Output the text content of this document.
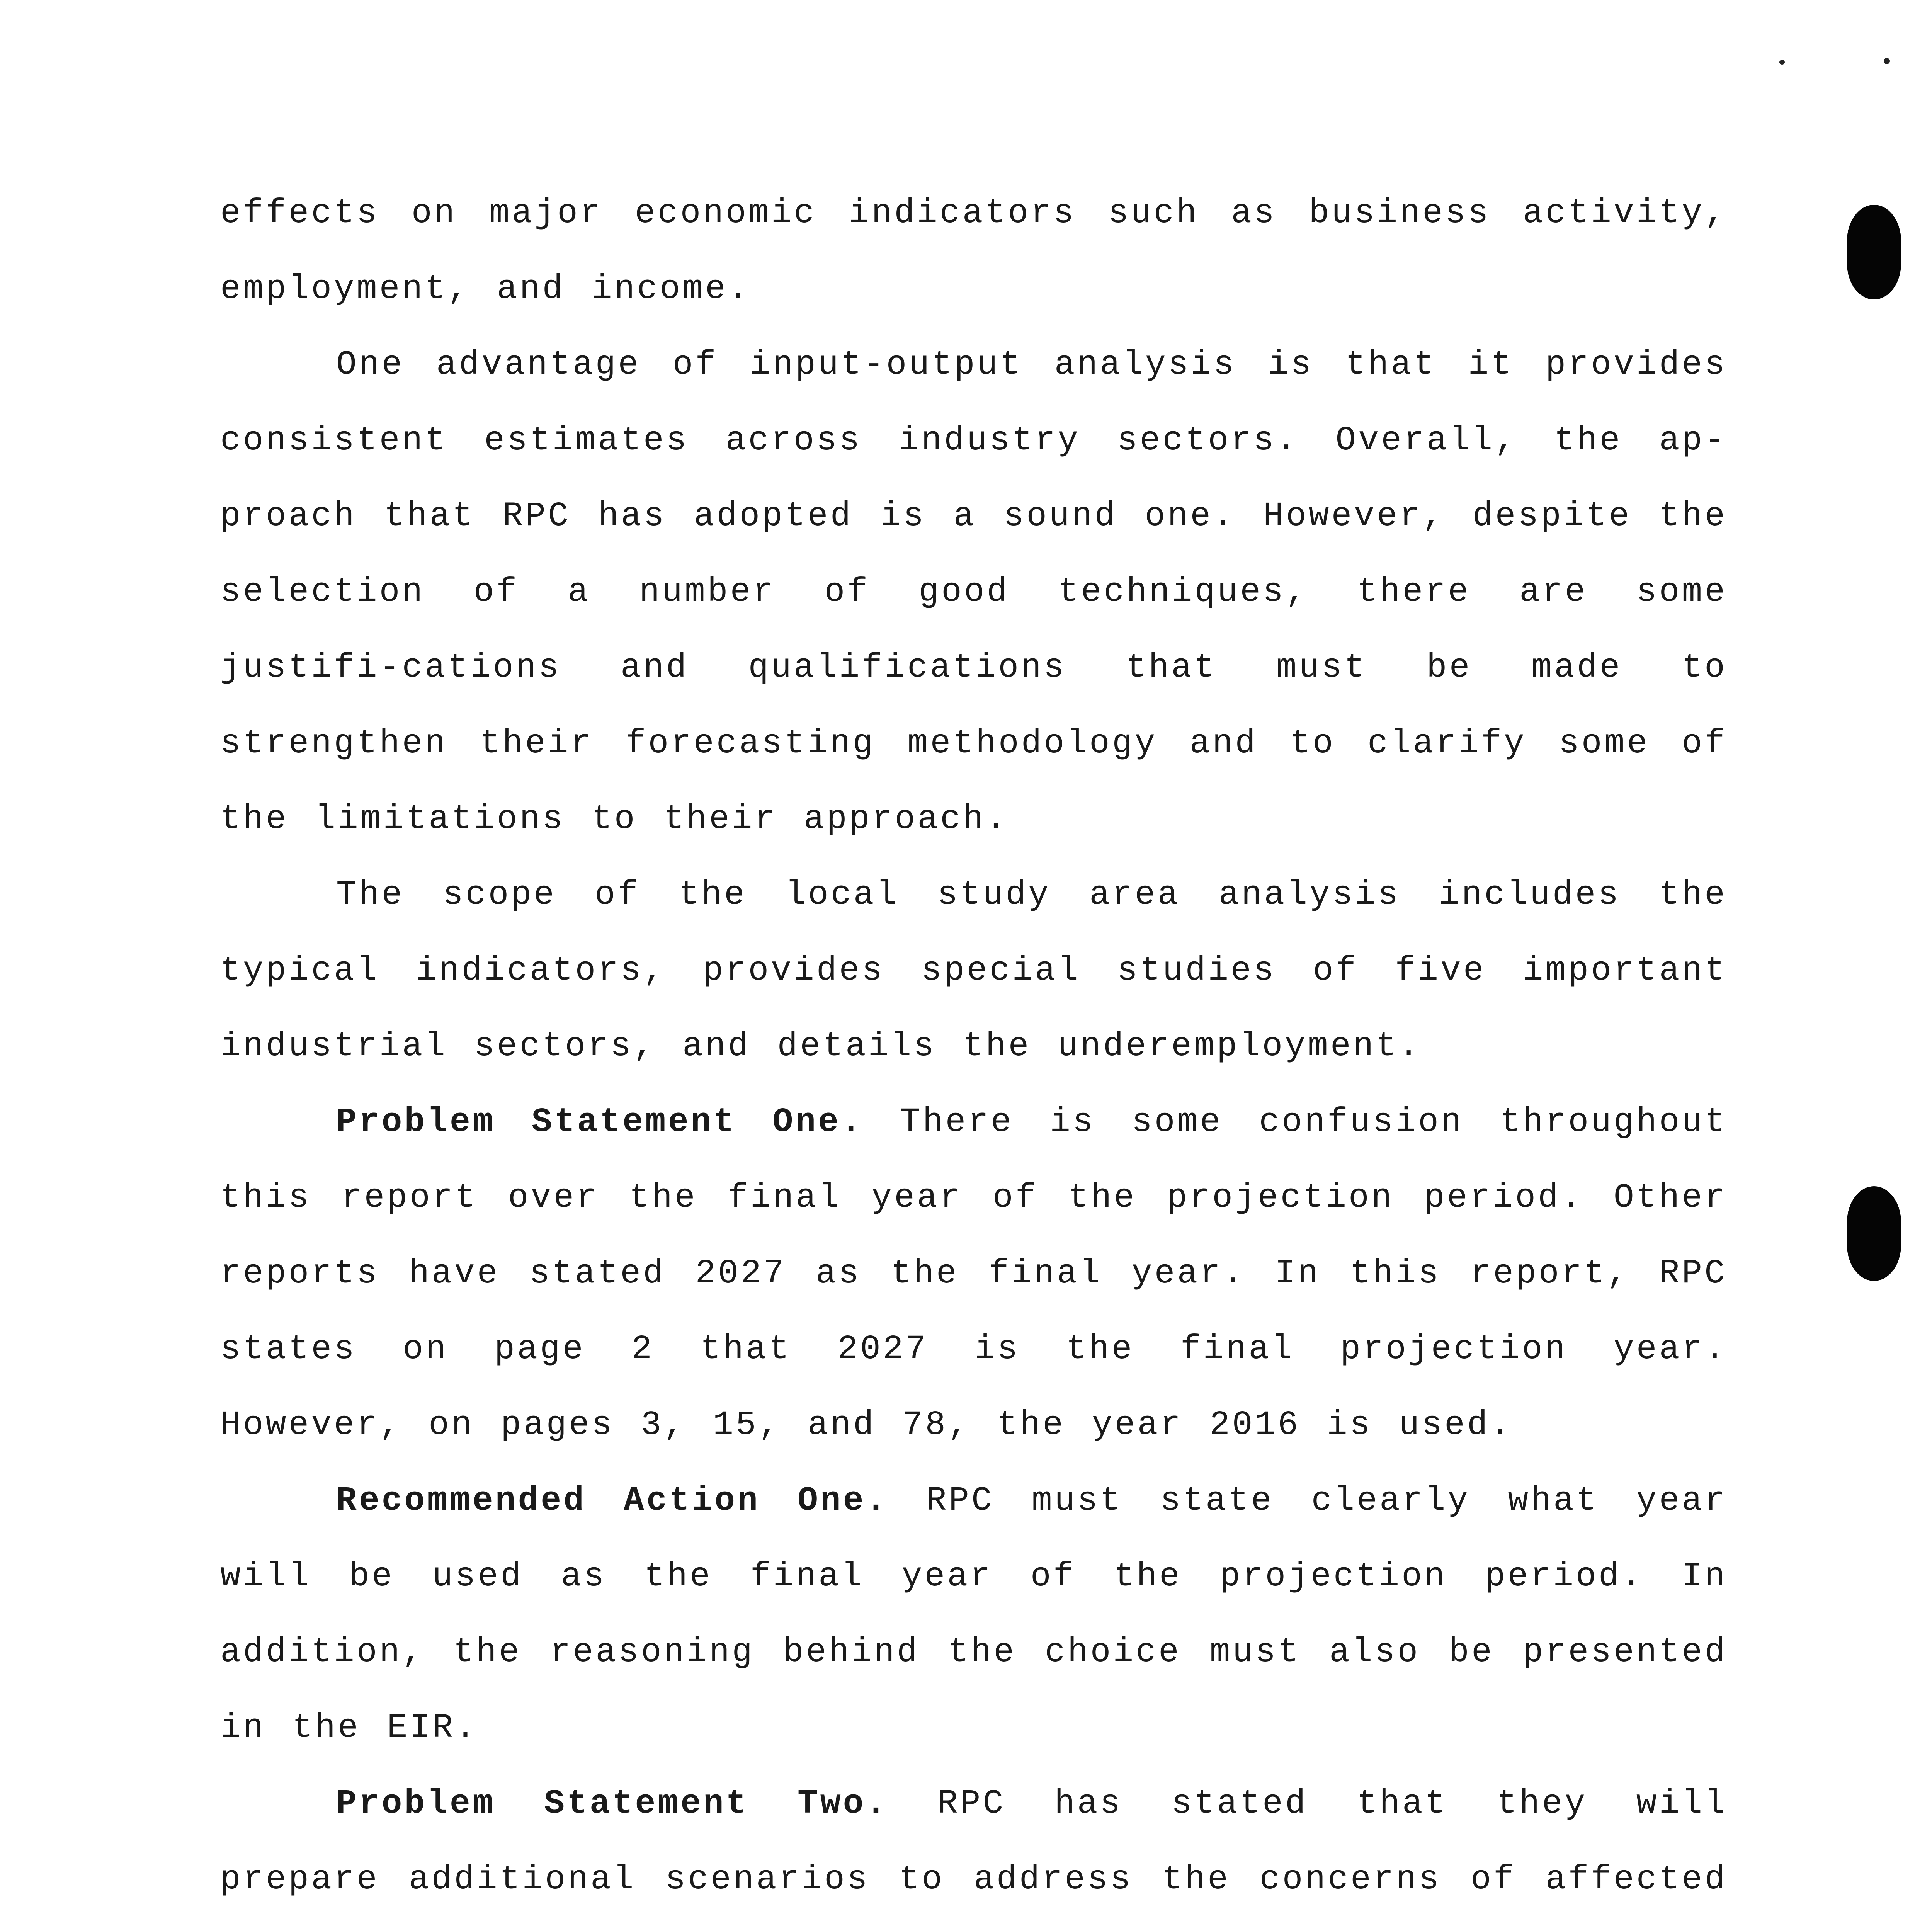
effects on major economic indicators such as business activity, employment, and income.

One advantage of input-output analysis is that it provides consistent estimates across industry sectors. Overall, the ap-proach that RPC has adopted is a sound one. However, despite the selection of a number of good techniques, there are some justifi-cations and qualifications that must be made to strengthen their forecasting methodology and to clarify some of the limitations to their approach.

The scope of the local study area analysis includes the typical indicators, provides special studies of five important industrial sectors, and details the underemployment.

Problem Statement One. There is some confusion throughout this report over the final year of the projection period. Other reports have stated 2027 as the final year. In this report, RPC states on page 2 that 2027 is the final projection year. However, on pages 3, 15, and 78, the year 2016 is used.

Recommended Action One. RPC must state clearly what year will be used as the final year of the projection period. In addition, the reasoning behind the choice must also be presented in the EIR.

Problem Statement Two. RPC has stated that they will prepare additional scenarios to address the concerns of affected
